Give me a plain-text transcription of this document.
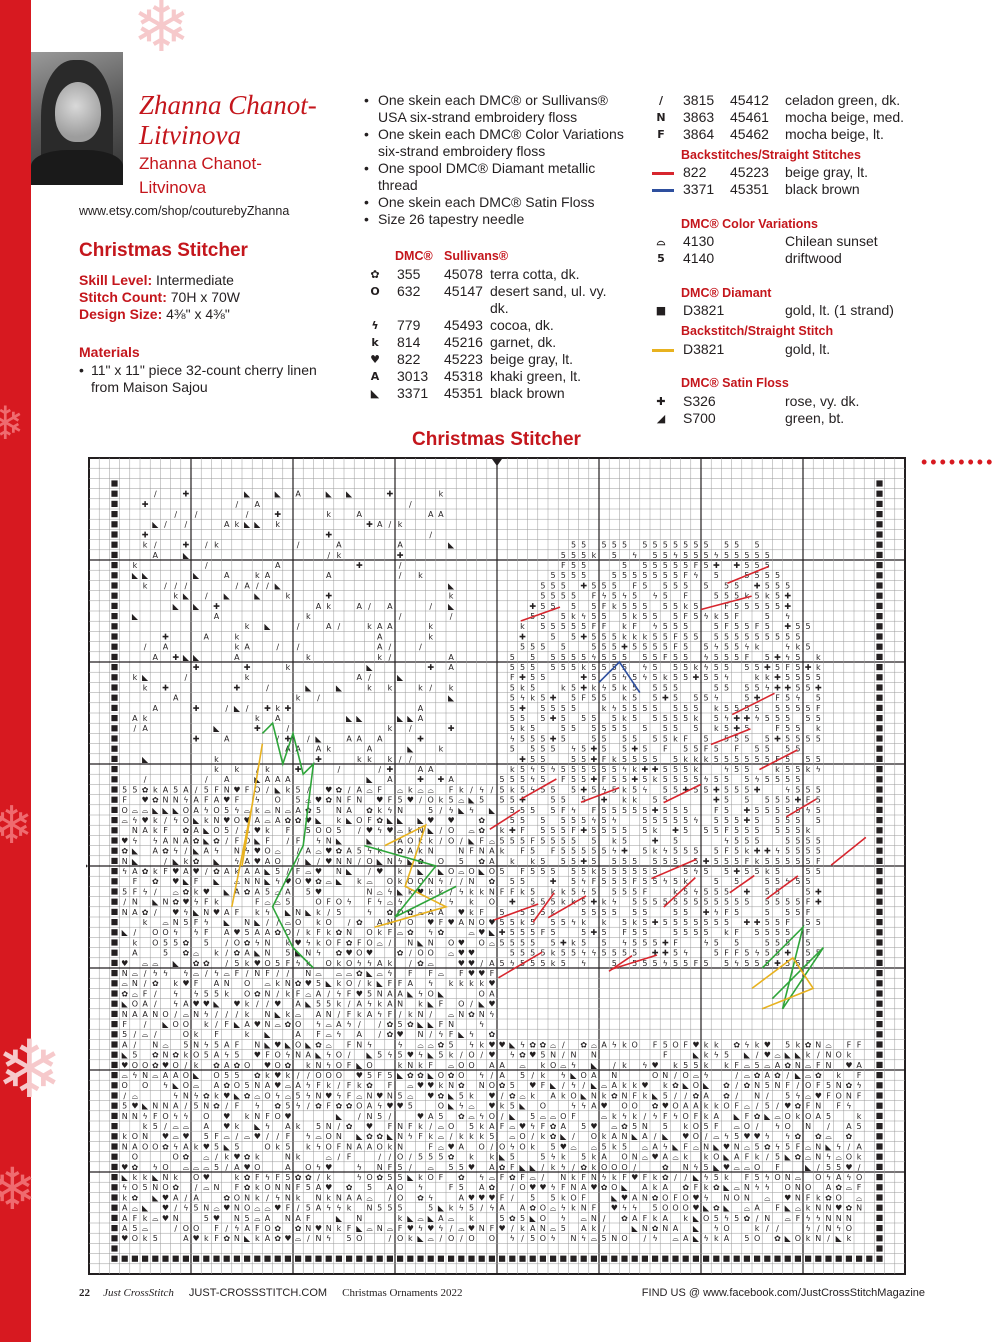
❄
❄
❄
❄
❄
Zhanna Chanot-
Litvinova
Zhanna Chanot-
Litvinova
www.etsy.com/shop/couturebyZhanna
Christmas Stitcher
Skill Level: Intermediate
Stitch Count: 70H x 70W
Design Size: 4⅜" x 4⅜"
Materials
• 11" x 11" piece 32-count cherry linen from Maison Sajou
• One skein each DMC® or Sullivans® USA six-strand embroidery floss
• One skein each DMC® Color Variations six-strand embroidery floss
• One spool DMC® Diamant metallic thread
• One skein each DMC® Satin Floss
• Size 26 tapestry needle
DMC® Sullivans®
Backstitches/Straight Stitches
DMC® Color Variations
DMC® Diamant
Backstitch/Straight Stitch
DMC® Satin Floss
Christmas Stitcher
••••••••
∕	✚	◣	◣ A	◣ ◣	✚	k
✚	∕ A	∕
∕ ∕	∕	✚	k	A	A A
◣ ∕ ∕	A k ◣ ◣ k	✚ A ∕ k
✚	✚	∕
k ∕	✚ ∕ k	∕	A	A	◣
A	◣	∕ k	✚
k	∕	A	✚	∕
◣ ◣	◣	A	k A	A	∕ k
k ∕ ∕ ∕	∕ A ∕ ∕ ◣	◣
k ◣ ∕ ◣	◣	k	✚	k
◣ ◣ ✚	A k	A ∕ A	∕ ◣
◣	A	k	∕	∕
k ◣	∕	A ∕	k A A	k
✚	A	k	A	k
∕ A	k A	∕ ∕	A ∕	∕
A ✚ ◣ ◣	A	k	k ∕	A
✚	✚	k	◣	✚ A
k ◣	∕	k	A ∕	◣
k ✚	✚	∕	◣	◣	k k	k ∕ k
A	k ∕	◣
A	✚	∕ ◣ ∕ ✚ k ✚	A
A k	k A	◣ ◣	◣ ◣ A
∕ A	◣	✚	∕	k ∕	✚
✚	A	∕ ✚ ∕ ◣	A A A	✚
A A A k	A	◣	k
◣	k	✚	k k k ∕ ∕
k k ∕ k	✚	∕	∕ ✚	A A
∕	∕ A	◣ A A A	◣ A	✚ ✚ A
5 5 5 5 5 5 5 5 5 5 5 5 5 5 5
5 5 5 k 5 ϟ 5 5 ϟ 5 5 5 ϟ 5 5 5 5 5
F 5 5	5 5 5 5 5 5 F 5 ✚ ✚ 5 5 5
5 5 5 5	5 5 5 5 5 5 5 F ϟ 5	5 5 5 5
5 5 5 ✚ 5 5 5 F 5 5 5 5 5 5 5 ✚ 5 5 5
5 5 5 5 F ϟ 5 ϟ 5 ϟ 5 F	5 5 5 k 5 k 5 ✚
✚ 5 5 5 5 F k 5 5 5 5 5 k 5	F 5 5 5 5 5 ✚
5 5 5 k ϟ 5 5 5 k 5 5 5 F 5 ϟ k 5 F	5 ϟ
k 5 5 5 5 5 F F k F ϟ 5 5 5	5 F 5 5 F 5 ✚ 5 5
✚	5 5 ✚ 5 5 5 k k k 5 5 F 5 5 5 5 5 5 5 5 5 5 5
5 5 5 5	5 5 5 ✚ 5 5 5 5 F 5 5 ϟ 5 5 ϟ k	ϟ k 5
5 5 5 5 5 5 ϟ 5 5 5 5 5 F 5 5 ϟ 5 5 5 F 5 ✚ ϟ 5 k
5 5 5 5 5 5 k 5 5 5 5 ϟ 5 5 5 k ϟ 5 5 5 5 ✚ 5 F 5 ✚ k
F ✚ 5 5	✚ 5 5 ϟ 5 ϟ 5 k 5 5 ✚ 5 5 ϟ	k k ✚ 5 5 5 5
5 k 5	k 5 ✚ k ϟ 5 k 5 5 5 5	5 5 5 5 ϟ ✚ ✚ 5 5 ✚
5 ϟ k 5 ✚ 5 F 5 5 k 5 5 ✚ 5 5 5 ϟ	5 ✚ F 5 ϟ 5
5 ✚ 5 5 5 5	k ϟ 5 5 5 5 5 5 5 k 5 5 5 5 5 5 5 5 F
5 5 5 ✚ 5 5 5 5 k 5 5 5 5 5 k 5 ϟ ✚ ✚ ϟ 5 5 5 5 5
5 k 5	5 5 5 5 5 5 5 5 5 5 k 5 ✚ 5	F 5 5 k
ϟ 5 5 5 ✚ 5	5 5 5 5 5 5 k F 5 5 5 5 5 ✚ 5 5 5 5
5 5 5 5 ϟ 5 ✚ 5 5 ✚ 5 F 5 5 F 5 F 5 5 5 5
✚ 5 5	5 5 ✚ F k 5 5 5 5 5 k k k 5 5 5 5 5 5 F 5 5 5
k 5 ϟ 5 ϟ 5 5 5 5 5 5 ϟ k ✚ ✚ 5 5 5 k	ϟ 5 5	k 5 5 k ϟ
5 5 5 ϟ 5 F 5 5 ✚ F 5 5 ✚ 5 k 5 5 5 5 ϟ 5 5 5 ϟ 5 5 5 5
5 k 5 ϟ 5 5 5 ✚ 5 ϟ 5 k 5 ϟ 5 5 ✚ 5 5 ✚ 5 5 5 ✚	ϟ 5 5 5
5 5 ✚	5 5 5 ✚ k k 5 5	✚ 5 5 5 5 5 ✚ F 5
5 5 5 5 F ϟ F 5 5 5 5 5 ✚ 5 5 5	F 5 ✚ 5 5 5 5 5 ϟ 5
5 5 5 5 5 5 ϟ 5 ϟ	5 5 5 5 5 ϟ 5 5 5 ✚ 5 5 5 5 5
k ✚ F 5 5 5 F ✚ 5 5 5 5 5 k ✚ 5 5 5 F 5 5 5 5 5 5 k
5 5 5 F 5 5 5 5 5 k 5	✚ 5	ϟ 5 5 5	5 5 5 5
k F 5 F 5 5 5 5 5 ϟ ✚ 5 k ϟ 5 5 5 5 F 5 k ✚ ✚ ϟ 5 5 5 5
k k 5 5 5 ✚ 5 5 5 5 5 5 5 5 ✚ 5 5 5 F k 5 5 5 5 5 F
5 F 5 5 5 5 5 k 5 5 5 5 5 5	5 ϟ 5 5 ✚ 5 5 k 5	5 5
5 5	✚ 5 ϟ F 5 5 5 F 5 5 ϟ 5 k	5 5	5 5 ϟ 5 5
F F k 5 k k 5 ϟ 5 5 5 5 F	k 5 ϟ 5 5 5 ✚ 5 5	5 ✚
✚ 5 5 5 k k 5 ✚ k ϟ 5 5 5 5 5 5 5 5 5 5 5 5 5 5 5 5 F ✚
5 5 5 5 k	5 5 5 5 5 5	5 5 ✚ ϟ F 5	5 5 5 F
5 5 k 5 5 5 ϟ k k 5 k 5 ✚ 5 5 5 5 5 5 5 ✚ ✚ 5 5 F 5 5
✚ 5 5 5 F 5	5 ✚ 5 F 5 5	5 5 5 5 k F 5 5 5 5 F
5 5 5 5 5 ✚ k 5 5 ϟ 5 5 5 ✚ F	ϟ 5 5	5 5 5 5
5 5 5 5 k 5 5 ϟ ϟ 5 5 5 5 ✚ ✚ 5 ϟ	5 F F 5 ϟ 5 5 ✚ 5 5
5 ϟ 5 5 5 k 5 ϟ	5 5 5 5 ϟ 5 5 F 5 5 ϟ 5 5 5 ✚ 5 5 F
5 5 ✿ k A 5 A ∕ 5 F N ♥ F O ∕ ◣ k 5 ∕ ♥ ✿ ∕ A ⌓ F ⌓ k ⌓ ⌓ F k ∕ ϟ ∕
F ♥ ✿ N N ϟ A F A ♥ F ϟ O 5 ⌓ ♥ ✿ N F N ♥ F 5 ♥ ∕ O k 5 ⌓ ◣ 5
O ⌓ ⌓ ◣ ◣ ◣ O A ϟ O 5 ϟ ⌓ k ⌓ N ⌓ A ✿ 5 N A ✿ k ϟ N	5 ∕ ϟ ◣ ϟ ◣
⌓ ϟ ♥ k ∕ ϟ O ◣ k N ♥ O ♥ A ⌓ A ✿ ✿ ♥ ◣ k ◣ O F ✿ ◣ ◣ ◣ ♥ ♥	✿
N A k F ✿ A ◣ O 5 ∕ ⌓ ♥ k F 5 O O 5 ∕ ♥ ϟ ♥ ⌓ k N ◣ ∕ O ⌓ ✿
♥ ϟ ϟ A N A ✿ ◣ ✿ ∕ F O ◣ F ∕ F ϟ N ◣	◣	A O k k ∕ O ∕ ◣ F ⌓
✿ ◣ A ✿ ϟ ∕ ◣ A ϟ N ϟ ♥ O ⌓ ∕ A ⌓ ♥ ✿ A 5 ϟ k ✿ A k N	N F N A
N ◣	∕ ◣ k ✿ ◣ ϟ A ♥ A O ∕ ◣ ∕ ♥ N N ∕ O ◣ N ϟ ◣ ✿ O 5 ✿ A
ϟ A ✿ k F ♥ A ♥ ∕ ✿ A k A A ◣ 5 ∕ F ⌓ ♥ N ◣ ∕ ♥ k ◣ ◣ O ⌓ O ◣ O
F ✿ ♥ ◣ F ◣ ⌓ N N ◣ ϟ ♥ O ♥ ✿ ⌓ ◣ k ⌓ O k O O N ϟ ∕ ∕ N ✿
5 F ϟ ∕ ⌓ ✿ k ♥ ◣ A ✿ A 5 ⌓ A 5 ♥	N ⌓ ϟ ◣ k ♥ k k ∕ ϟ k k N
∕ N ◣ N ✿ ♥ ϟ F k	F ⌓ ⌓ 5	O F O ϟ F ϟ ⌓ ϟ	∕ ϟ k O
N A ✿ ∕ ♥ ϟ ◣ N ♥ A F k ϟ ◣ N ◣ k ∕ 5	ϟ ✿ O ✿ ⌓ A A ♥ k F
k ⌓ N 5 F ϟ ◣ N ◣ ∕ ∕ ⌓ O k O ∕ ✿ A N ∕ O ♥ F ♥ A N O ♥
◣ ∕ O O ϟ ϟ F A ♥ 5 A A ✿ O ∕ k F k ✿ N O k F ⌓ ✿ ϟ ✿	⌓ ♥ ◣
k O 5 5 ✿ 5 ∕ O ✿ ϟ N k ♥ ϟ k O F ✿ F O ⌓ ∕ N ◣ N O ♥ O ⌓
A	5 ✿ ⌓ k ∕ ✿ A ◣ N 5 ◣ N ϟ ✿ ♥ O ♥	✿ ∕ O O ⌓ ♥ ♥
♥ ⌓ ⌓ ◣ ✿ ✿ ∕ 5 k ♥ O 5 F ϟ k O k O ϟ ϟ A k ∕ ✿ ⌓	♥ ♥ ∕ A
N ⌓ ∕ ϟ ϟ ϟ ⌓ ∕ ϟ ⌓ F ∕ N F ∕ ∕ N ⌓ ⌓ ⌓ ✿ ◣ ⌓ ϟ F F ⌓ F ♥ ♥ F
⌓ N ∕ ✿ k ♥ F A N O ⌓ k N ✿ ♥ 5 ◣ k O ∕ k ◣ F F A ϟ k k k k ♥
✿ ⌓ F ∕ ϟ ϟ 5 5 k O ✿ N ∕ k F ⌓ A ∕ ϟ F ♥ 5 N A A ◣ ϟ O ◣	O A
◣ O A ∕ ϟ A ♥ ♥ ◣ ♥ k ∕ ∕ ♥ A ◣ 5 5 k ∕ A ϟ k A N k ◣ F O ∕ ◣ ♥
N A A N O ∕ ⌓ N ϟ ∕ ∕ ∕ k N ◣ k ⌓ A N ∕ F k A ϟ F ∕ k N ∕ ⌓ N ✿ N ϟ
F ∕ ◣ O O k ∕ F ◣ A ♥ N ⌓ ✿ O ϟ ⌓ A ϟ ∕ ∕ ✿ 5 ✿ ◣ ◣ F N	ϟ
5 ∕ ⌓ ∕	O k F	k ◣	A F ⌓ ϟ A ∕ ✿ ♥ N ∕ ϟ F ◣ ϟ ✿
A ∕ N ⌓ 5 N ϟ 5 A F N ◣ ♥ ◣ O ◣ ✿ ⌓ F N ϟ	ϟ ⌓ ⌓ ✿ 5 ϟ k ♥ ♥ ◣ ϟ ✿ ✿ ⌓ ∕ ✿ ⌓ A ϟ k O F 5 O F ♥ k k ✿ ϟ k ♥ 5 k ✿ N ⌓ F F
◣ 5 ✿ N ✿ k O 5 A ϟ 5 ♥ F O ϟ N A ◣ ϟ O ∕ ◣ 5 ϟ 5 ♥ ϟ ◣ 5 k ∕ O ∕ ♥ ϟ ✿ ♥ 5 N ∕ N N	F	◣ k ϟ 5 ◣ ∕ ♥ ⌓ ◣ ◣ k ∕ N O k
♥ O O ✿ ♥ O ∕ k ✿ A ✿ O ♥ O ✿ k N ϟ O F ◣ O	k N k F ⌓ O O A A ⌓ k O ⌓ ϟ ◣ ∕ k ϟ ♥ k 5 5 k k F ⌓ 5 ⌓ A ✿ N ⌓ F N ♥ A
⌓ ϟ N ⌓ A A O ◣ O 5 5 ✿ k ♥ k ∕ ∕ O O O ♥ 5 F 5 ◣ ✿ ✿ ◣ O ✿ O ϟ ∕ A 5 ∕ k ϟ ◣ O A N	O N ∕ O ⌓ ϟ	∕ ⌓ ✿ A ✿ ∕ ◣ ⌓ ✿ k F
O O ϟ ◣ O ⌓ A ✿ O 5 N A ♥ ⌓ A ϟ F k ∕ F k ✿ F ⌓ ♥ ♥ k N ✿ N O ✿ 5 ♥ F ◣ ∕ ϟ ∕ ◣ ⌓ A k k ♥ k ✿ ◣ O ◣ ✿ ∕ ✿ N 5 N F ∕ O F 5 N ✿ ϟ
∕ ⌓	ϟ N ϟ ✿ k ♥ ◣ ✿ ⌓ O ϟ ⌓ 5 ϟ N ♥ ϟ F ⌓ N ♥ N 5 ⌓ ♥ ✿ ◣ 5 k ♥ ∕ ✿ ⌓ k A k O ◣ N k ✿ N F k ◣ 5 ∕ ∕ ✿ A ✿ ∕ N ∕ 5 ϟ ⌓ ♥ F O N F
5 ♥ ◣ N N A ∕ 5 N ✿ ∕ F ϟ ✿ 5 ϟ ∕ ✿ F ✿ ✿ O A ϟ ♥ ♥ 5	O ◣ ϟ ⌓ ♥ k 5 ◣ O	ϟ ϟ A ♥ O O ✿ ♥ O A A k k O F ⌓ ∕ 5 ∕ ♥ ✿ F N F ϟ
N N ϟ F O ϟ ϟ O ♥ k N F O ♥	◣ ∕ N 5 ∕	♥ A 5 ✿ ⌓ ϟ O ∕ ◣ 5 ⌓ ⌓ O F	⌓ k ϟ k ∕ ϟ F ϟ O F k A ◣ F ✿ ◣ ⌓ O k O A 5	k
k 5 ∕ ⌓ ⌓ A ♥ k ◣ ϟ A k 5 N ∕ ✿ ♥ F N F k ∕ ⌓ O 5 k A F ⌓ ♥ ϟ F ✿ A 5 ♥ ⌓ ✿ 5 N 5 k O 5 F ⌓ O ∕ ϟ O N ∕ A 5
k O N ♥ ⌓ ♥ 5 F ⌓ ∕ ⌓ ♥ ∕ ∕ F ϟ ⌓ O N ◣ ✿ ✿ ◣ N ϟ F k ⌓ ∕ k k k 5 ⌓ O ∕ k ✿ ◣ ∕ O k A N ◣ A ∕ ◣ ♥ O ∕ ⌓ ϟ 5 ♥ ♥ ϟ ϟ ✿ ✿ ⌓ ✿
N A O O ✿ ϟ A k ♥ 5 ◣ 5	O k 5 k ϟ O F N A A O k N	F ⌓ ♥ A O ∕ O ϟ O k 5 ♥ ⌓ ⌓ 5 k 5 ⌓ A ϟ ◣ F ⌓ N ◣ ♥ N ⌓ 5 ✿ ϟ 5 F ⌓ N ◣ ϟ ∕ A
O	O ✿ ⌓ ∕ k ♥ ✿ k	N k	⌓ ∕ F	∕ ∕ O ∕ 5 5 5 ✿ k k ◣ 5	5 ϟ k 5 k A O N ⌓ ♥ A ⌓ k k O ◣ A F k ∕ 5 ◣ ✿ ⌓ N ϟ ⌓ O k
♥ ✿ ϟ O ⌓ ⌓ ⌓ 5 ∕ A ♥ O	A O ϟ ♥	ϟ N F 5 ∕ ⌓ 5 5 ♥ A ✿ F ◣ ◣ ∕ k ϟ ∕ ✿ k O O O ∕	✿ N ϟ 5 ◣ ♥ ⌓ ⌓ O F	◣ ∕ 5 5 ♥ ∕
◣ k k ◣ N k O ♥	k ✿ F ϟ F 5 ✿ ✿ ∕ k	ϟ O ✿ 5 5 ◣ k O F ✿ ϟ ⌓ F ✿ F ⌓ ∕ N k F N ϟ k F ♥ F k ✿ ∕ ∕ ◣ ϟ 5 k F 5 ϟ O N ⌓ O ϟ A ϟ O
ϟ O 5 N O ✿ ∕ ⌓ N F ✿ k O N N F 5 A ♥ ✿ 5 A O ϟ	F 5 A ✿ ∕ O ♥ ♥ ϟ F N A ♥ ✿ O ◣ A k A ✿ F k ✿ ◣ ⌓ N ϟ ϟ O N O A ✿ ⌓ F
k ✿ ◣ ♥ A ∕ A	✿ O N k ∕ ϟ N k N k N A A ⌓ ∕ O ✿ ϟ	A ♥ ♥ ♥ F ∕ 5 5 k O F	◣ ♥ A N ✿ O F O ♥ ϟ N O N ⌓ ♥ N F k ✿ O ⌓
A ⌓ ◣ ♥ ∕ ϟ 5 N ⌓ ♥ N O ⌓ ⌓ ♥ F ∕ 5 A ϟ ϟ k N 5 5 5	5 ◣ k ϟ 5 ∕ ϟ A A ✿ O ⌓ ϟ k N F ♥ ϟ ϟ 5 O O O ♥ ◣ ✿ ◣ ⌓ A F ◣ ⌓ k N N ♥ ✿ N
A F k ⌓ ♥ N	5 ♥ N 5 ⌓ A N A F	◣ N	k ◣ ⌓ ◣ A ⌓ k	5 ✿ 5 ◣ O ϟ ⌓ N ∕ ✿ A F k A k ◣ O 5 ϟ 5 ✿ ∕ N ⌓ F ϟ ϟ N N N
A 5 ⌓	∕ O O F ∕ ϟ A F O ✿ ✿ N ♥ N k F ◣ ⌓ N ⌓ F ♥ ϟ ♥ ϟ ∕ ⌓ ♥ N F ♥ ∕ k A N ⌓ 5 A k ∕	◣ N ✿ N A ◣ ϟ O	k ∕ ∕	ϟ ∕ N ϟ O
♥ O k 5	A ♥ k F ✿ N ◣ k A ✿ ♥ ⌓ ∕ N ϟ 5 O	∕ O k ◣ ⌓ ∕ O ∕ O O ϟ ∕ 5 O ϟ N ϟ ⌓ 5 N O ∕ ϟ ⌓ A ◣ ϟ k A 5 O ✿ ◣ O k N ∕ ◣ k
22 Just CrossStitch JUST-CROSSSTITCH.COM Christmas Ornaments 2022	FIND US @ www.facebook.com/JustCrossStitchMagazine
✿ 355 45078 terra cotta, dk.
O 632 45147 desert sand, ul. vy.
dk.
ϟ 779 45493 cocoa, dk.
k 814 45216 garnet, dk.
♥ 822 45223 beige gray, lt.
A 3013 45318 khaki green, lt.
◣ 3371 45351 black brown
∕	3815 45412 celadon green, dk.
N 3863 45461 mocha beige, med.
F 3864 45462 mocha beige, lt.
822 45223 beige gray, lt.
3371 45351 black brown
⌓ 4130	Chilean sunset
5 4140	driftwood
■ D3821	gold, lt. (1 strand)
D3821	gold, lt.
✚ S326	rose, vy. dk.
◢ S700	green, bt.
